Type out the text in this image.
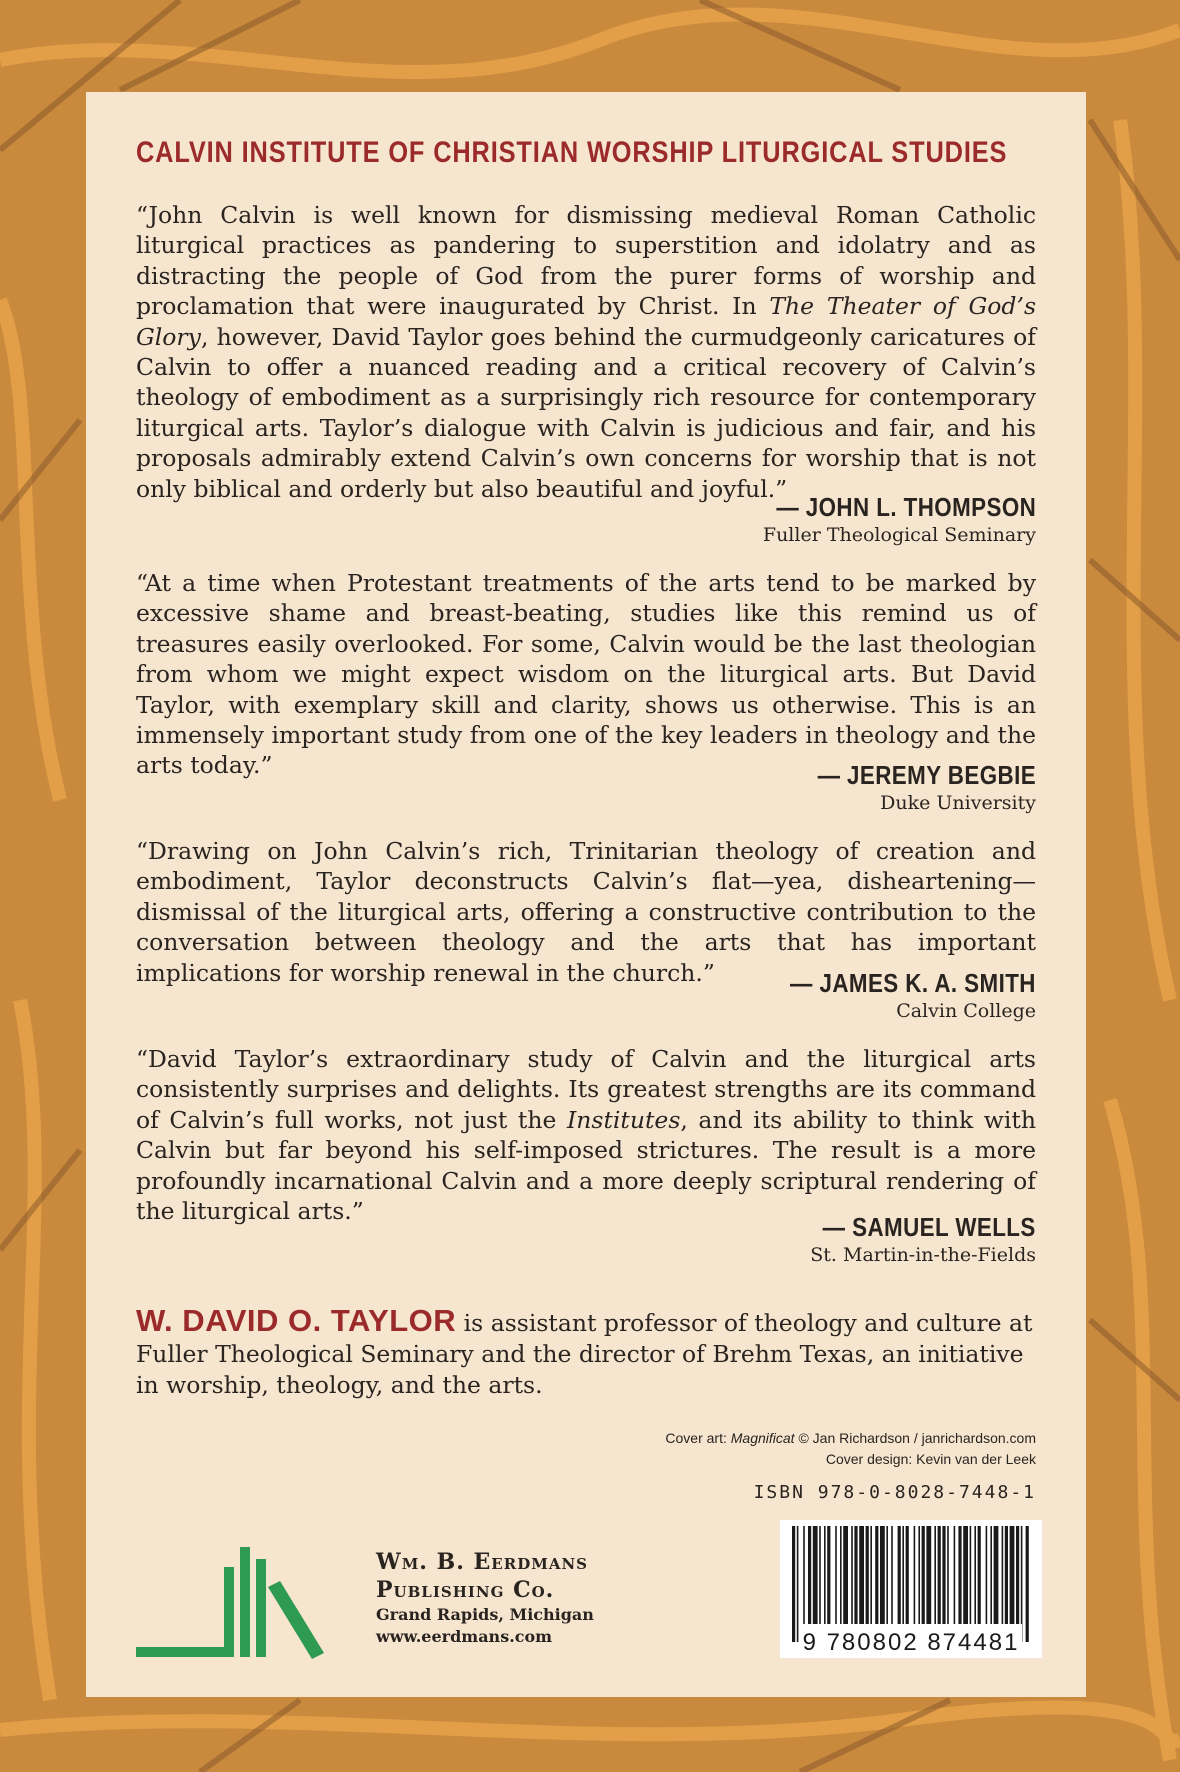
CALVIN INSTITUTE OF CHRISTIAN WORSHIP LITURGICAL STUDIES
“John Calvin is well known for dismissing medieval Roman Catholic liturgical practices as pandering to superstition and idolatry and as distracting the people of God from the purer forms of worship and proclamation that were inaugurated by Christ. In The Theater of God’s Glory, however, David Taylor goes behind the curmudgeonly caricatures of Calvin to offer a nuanced reading and a critical recovery of Calvin’s theology of embodiment as a surprisingly rich resource for contemporary liturgical arts. Taylor’s dialogue with Calvin is judicious and fair, and his proposals admirably extend Calvin’s own concerns for worship that is not only biblical and orderly but also beautiful and joyful.”
— JOHN L. THOMPSON
Fuller Theological Seminary
“At a time when Protestant treatments of the arts tend to be marked by excessive shame and breast-beating, studies like this remind us of treasures easily overlooked. For some, Calvin would be the last theologian from whom we might expect wisdom on the liturgical arts. But David Taylor, with exemplary skill and clarity, shows us otherwise. This is an immensely important study from one of the key leaders in theology and the arts today.”	— JEREMY BEGBIE
Duke University
“Drawing on John Calvin’s rich, Trinitarian theology of creation and embodiment, Taylor deconstructs Calvin’s flat—yea, disheartening—dismissal of the liturgical arts, offering a constructive contribution to the conversation between theology and the arts that has important implications for worship renewal in the church.”	— JAMES K. A. SMITH
Calvin College
“David Taylor’s extraordinary study of Calvin and the liturgical arts consistently surprises and delights. Its greatest strengths are its command of Calvin’s full works, not just the Institutes, and its ability to think with Calvin but far beyond his self-imposed strictures. The result is a more profoundly incarnational Calvin and a more deeply scriptural rendering of the liturgical arts.”
— SAMUEL WELLS
St. Martin-in-the-Fields
W. DAVID O. TAYLOR is assistant professor of theology and culture at Fuller Theological Seminary and the director of Brehm Texas, an initiative in worship, theology, and the arts.
Cover art: Magnificat © Jan Richardson / janrichardson.com
Cover design: Kevin van der Leek
ISBN 978-0-8028-7448-1
9 780802 874481
Wm. B. Eerdmans
Publishing Co.
Grand Rapids, Michigan
www.eerdmans.com
